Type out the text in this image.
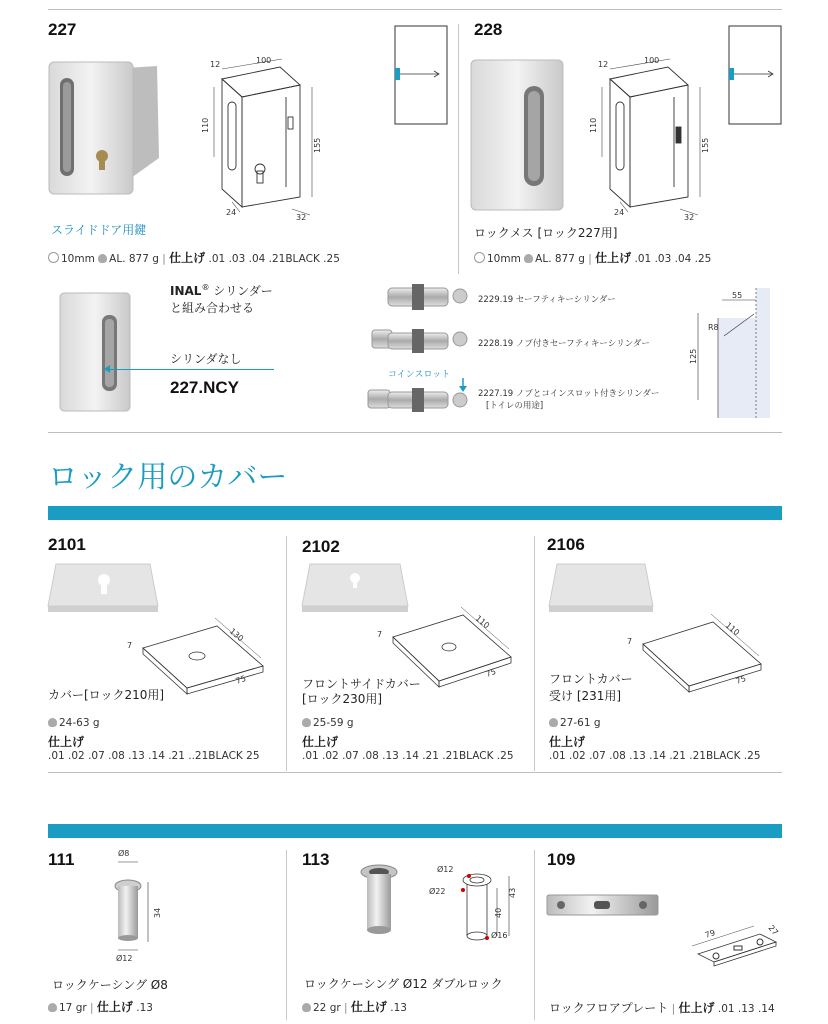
227
12	100
110
155
24
32
スライドドア用鍵
10mm AL. 877 g | 仕上げ .01 .03 .04 .21BLACK .25
228
12	100
110
155
24
32
ロックメス [ロック227用]
10mm AL. 877 g | 仕上げ .01 .03 .04 .25
INAL® シリンダー
と組み合わせる
シリンダなし
227.NCY
2229.19 セーフティキーシリンダー
2228.19 ノブ付きセーフティキーシリンダー
コインスロット
2227.19 ノブとコインスロット付きシリンダー
[トイレの用途]
55
R8
125
ロック用のカバー
2101	2102	2106
130
75
7
110
75
7	110
75
7
カバー[ロック210用]
24-63 g
仕上げ
.01 .02 .07 .08 .13 .14 .21 ..21BLACK 25
フロントサイドカバー
[ロック230用]
25-59 g
仕上げ
.01 .02 .07 .08 .13 .14 .21 .21BLACK .25
フロントカバー
受け [231用]
27-61 g
仕上げ
.01 .02 .07 .08 .13 .14 .21 .21BLACK .25
111	113	109
Ø8
34
Ø12
ロックケーシング Ø8
17 gr | 仕上げ .13
Ø12
Ø22
40
43
Ø16
ロックケーシング Ø12 ダブルロック
22 gr | 仕上げ .13
79	27
ロックフロアプレート | 仕上げ .01 .13 .14
